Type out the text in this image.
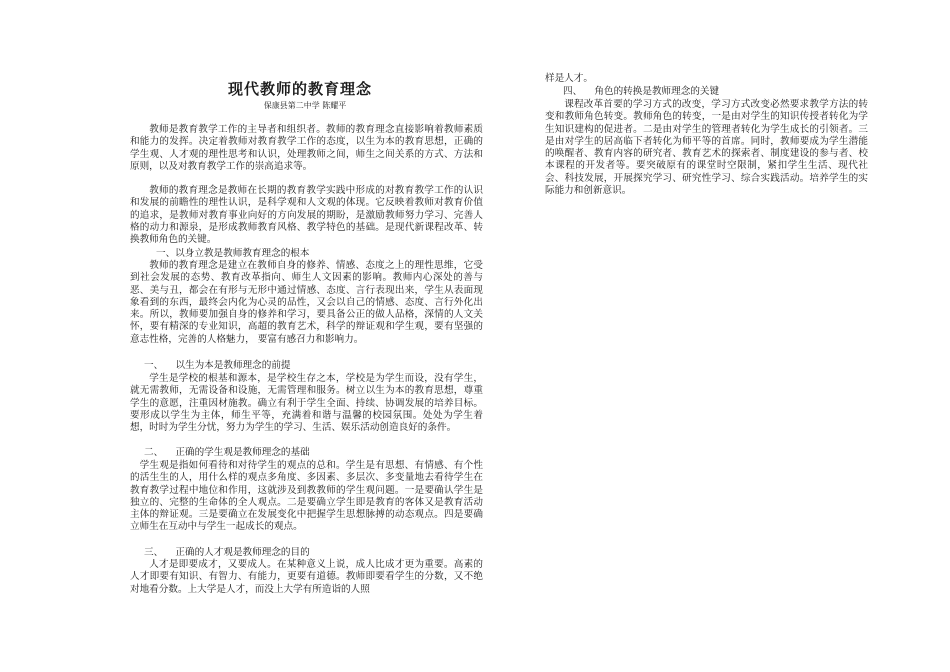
现代教师的教育理念
保康县第二中学 陈耀平

教师是教育教学工作的主导者和组织者。教师的教育理念直接影响着教师素质和能力的发挥。决定着教师对教育教学工作的态度，以生为本的教育思想，正确的学生观、人才观的理性思考和认识，处理教师之间，师生之间关系的方式、方法和原则，以及对教育教学工作的崇高追求等。

教师的教育理念是教师在长期的教育教学实践中形成的对教育教学工作的认识和发展的前瞻性的理性认识，是科学观和人文观的体现。它反映着教师对教育价值的追求，是教师对教育事业向好的方向发展的期盼，是激励教师努力学习、完善人格的动力和源泉，是形成教师教育风格、教学特色的基础。是现代新课程改革、转换教师角色的关键。

一、以身立教是教师教育理念的根本

教师的教育理念是建立在教师自身的修养、情感、态度之上的理性思维，它受到社会发展的态势、教育改革指向、师生人文因素的影响。教师内心深处的善与恶、美与丑，都会在有形与无形中通过情感、态度、言行表现出来，学生从表面现象看到的东西，最终会内化为心灵的品性，又会以自己的情感、态度、言行外化出来。所以，教师要加强自身的修养和学习，要具备公正的做人品格，深情的人文关怀，要有精深的专业知识，高超的教育艺术，科学的辩证观和学生观，要有坚强的意志性格，完善的人格魅力， 要富有感召力和影响力。

一、    以生为本是教师理念的前提

学生是学校的根基和源本，是学校生存之本，学校是为学生而设，没有学生，就无需教师，无需设备和设施，无需管理和服务。树立以生为本的教育思想，尊重学生的意愿，注重因材施教。确立有利于学生全面、持续、协调发展的培养目标。要形成以学生为主体，师生平等，充满着和谐与温馨的校园氛围。处处为学生着想，时时为学生分忧，努力为学生的学习、生活、娱乐活动创造良好的条件。

二、    正确的学生观是教师理念的基础

学生观是指如何看待和对待学生的观点的总和。学生是有思想、有情感、有个性的活生生的人，用什么样的观点多角度、多因素、多层次、多变量地去看待学生在教育教学过程中地位和作用，这就涉及到教教师的学生观问题。一是要确认学生是独立的、完整的生命体的全人观点。二是要确立学生即是教育的客体又是教育活动主体的辩证观。三是要确立在发展变化中把握学生思想脉搏的动态观点。四是要确立师生在互动中与学生一起成长的观点。

三、    正确的人才观是教师理念的目的

人才是即要成才，又要成人。在某种意义上说，成人比成才更为重要。高素的人才即要有知识、有智力、有能力，更要有道德。教师即要看学生的分数，又不绝对地看分数。上大学是人才，而没上大学有所造诣的人照

样是人才。

四、    角色的转换是教师理念的关键

课程改革首要的学习方式的改变，学习方式改变必然要求教学方法的转变和教师角色转变。教师角色的转变，一是由对学生的知识传授者转化为学生知识建构的促进者。二是由对学生的管理者转化为学生成长的引领者。三是由对学生的居高临下者转化为师平等的首席。同时，教师要成为学生潜能的唤醒者、教育内容的研究者、教育艺术的探索者、制度建设的参与者、校本课程的开发者等。要突破原有的课堂时空限制，紧扣学生生活、现代社会、科技发展，开展探究学习、研究性学习、综合实践活动。培养学生的实际能力和创新意识。
